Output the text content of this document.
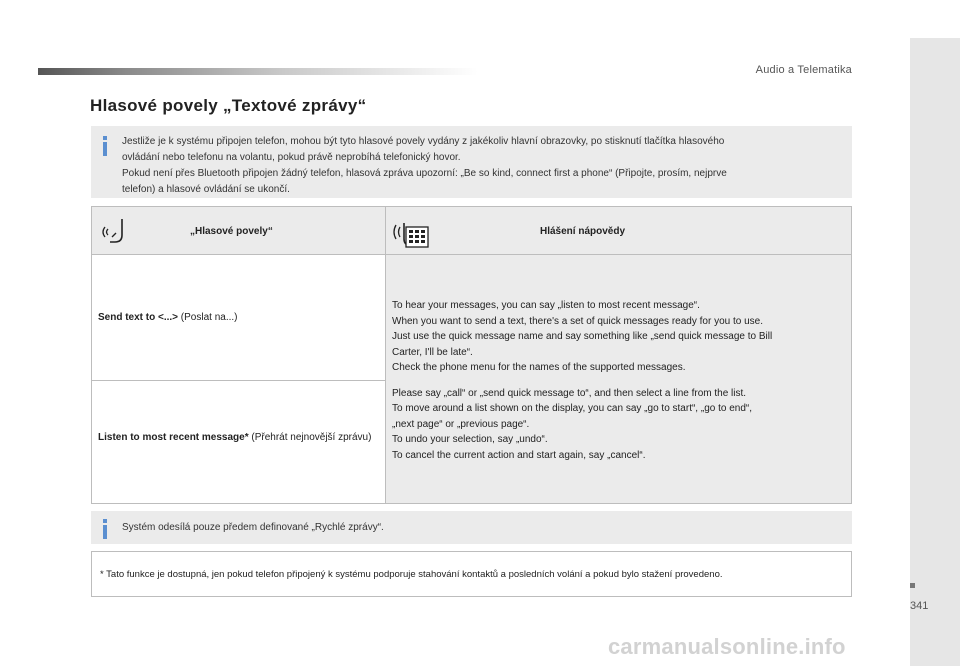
Audio a Telematika
341
Hlasové povely „Textové zprávy“
Jestliže je k systému připojen telefon, mohou být tyto hlasové povely vydány z jakékoliv hlavní obrazovky, po stisknutí tlačítka hlasového
ovládání nebo telefonu na volantu, pokud právě neprobíhá telefonický hovor.
Pokud není přes Bluetooth připojen žádný telefon, hlasová zpráva upozorní: „Be so kind, connect first a phone“ (Připojte, prosím, nejprve
telefon) a hlasové ovládání se ukončí.
„Hlasové povely“	Hlášení nápovědy
Send text to <...> (Poslat na...)
Listen to most recent message* (Přehrát nejnovější zprávu)

To hear your messages, you can say „listen to most recent message“.

When you want to send a text, there's a set of quick messages ready for you to use.

Just use the quick message name and say something like „send quick message to Bill

Carter, I'll be late“.

Check the phone menu for the names of the supported messages.

Please say „call“ or „send quick message to“, and then select a line from the list.

To move around a list shown on the display, you can say „go to start“, „go to end“,

„next page“ or „previous page“.

To undo your selection, say „undo“.

To cancel the current action and start again, say „cancel“.

Systém odesílá pouze předem definované „Rychlé zprávy“.
* Tato funkce je dostupná, jen pokud telefon připojený k systému podporuje stahování kontaktů a posledních volání a pokud bylo stažení provedeno.
carmanualsonline.info
